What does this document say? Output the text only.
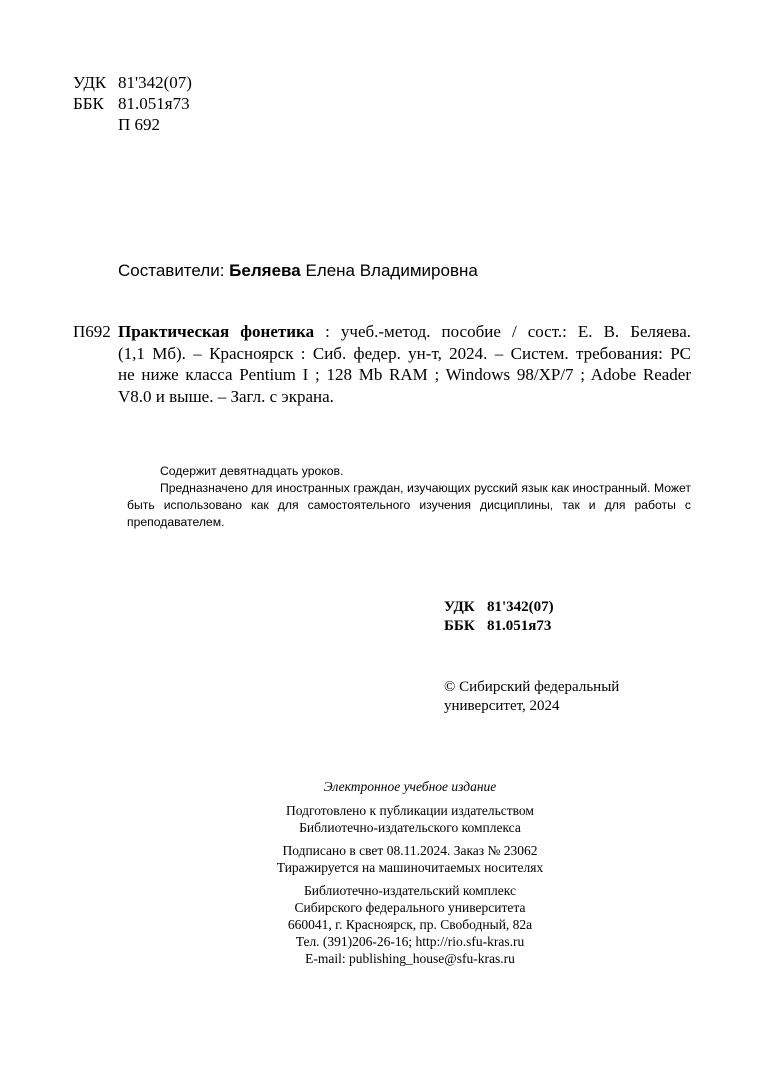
УДК 81'342(07)
ББК 81.051я73
П 692
Составители: Беляева Елена Владимировна
П692 Практическая фонетика : учеб.-метод. пособие / сост.: Е. В. Беляева.
(1,1 Мб). – Красноярск : Сиб. федер. ун-т, 2024. – Систем. требования: PC
не ниже класса Pentium I ; 128 Mb RAM ; Windows 98/XP/7 ; Adobe Reader
V8.0 и выше. – Загл. с экрана.

Содержит девятнадцать уроков.

Предназначено для иностранных граждан, изучающих русский язык как иностранный. Может быть использовано как для самостоятельного изучения дисциплины, так и для работы с преподавателем.

УДК 81'342(07)
ББК 81.051я73
© Сибирский федеральный
университет, 2024
Электронное учебное издание
Подготовлено к публикации издательством
Библиотечно-издательского комплекса
Подписано в свет 08.11.2024. Заказ № 23062
Тиражируется на машиночитаемых носителях
Библиотечно-издательский комплекс
Сибирского федерального университета
660041, г. Красноярск, пр. Свободный, 82а
Тел. (391)206-26-16; http://rio.sfu-kras.ru
E-mail: publishing_house@sfu-kras.ru
